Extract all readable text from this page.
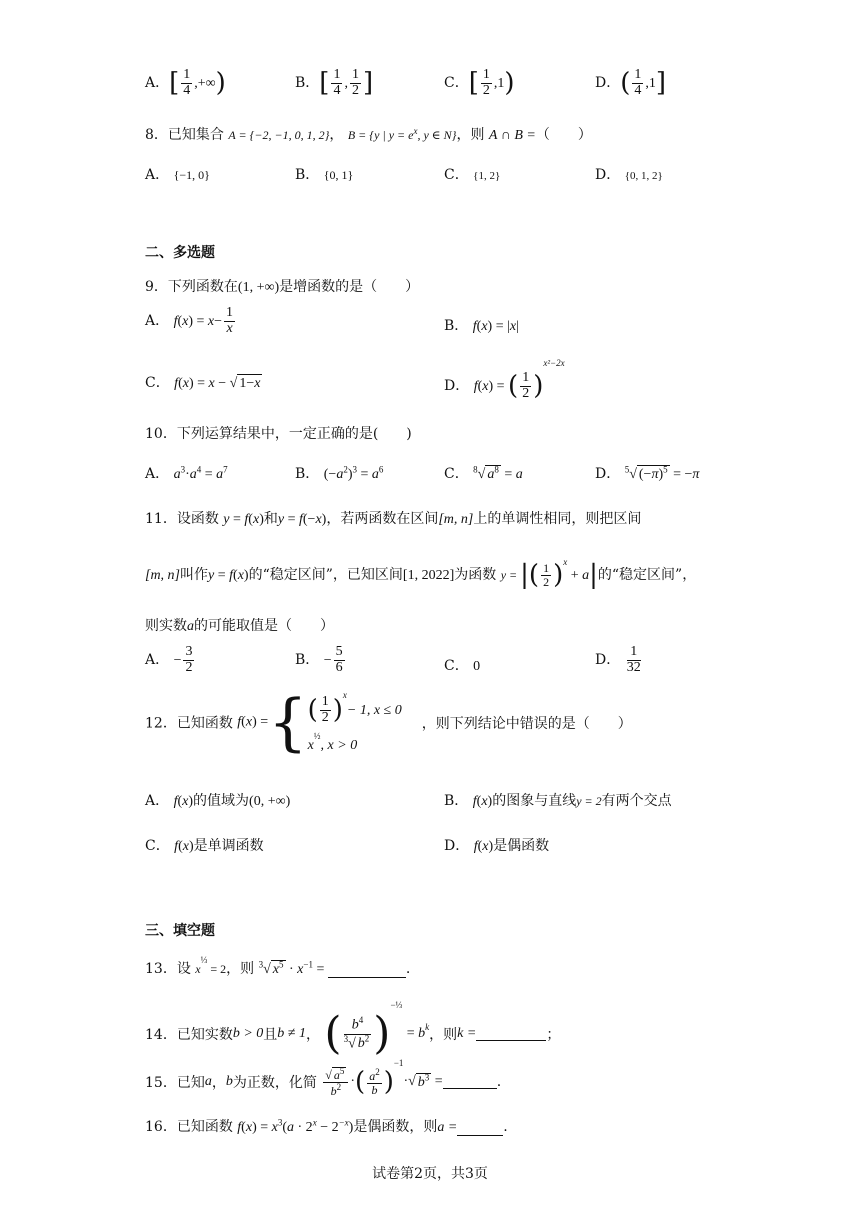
A．[ $\frac{1}{4}$ ,+∞)	B．[ $\frac{1}{4}$ , $\frac{1}{2}$ ]	C．[ $\frac{1}{2} ,1$)	D．( $\frac{1}{4} ,1$]
8．已知集合 A = {−2, −1, 0, 1, 2}， B = {y | $y = e^x$, y ∈ N}，则 A ∩ B =（　　）
A． {−1, 0}	B． {0, 1}	C． {1, 2}	D． {0, 1, 2}
二、多选题
9．下列函数在(1, +∞)是增函数的是（　　）
A． $f(x) = x- \frac{1}{x}$	B． f(x) = |x|
C． f(x) = x − √ 1−x	D． f(x) = ( $\frac{1}{2} )^{x^2-2x}$
10．下列运算结果中，一定正确的是(　　)
A． $a^3\cdot a^4 = a^7$	B． $(-a^2)^3 = a^6$	C． $^8$√ $a^8 = a$	D． $^5$√ $(-\pi)^5 = -\pi$
11．设函数 y = f(x)和y = f(−x)，若两函数在区间[m, n]上的单调性相同，则把区间
[m, n]叫作y = f(x)的“稳定区间”，已知区间[1, 2022]为函数 y = |( $\frac{1}{2} )^x + a|$的“稳定区间”，
则实数a的可能取值是（　　）
A． − $\frac{3}{2}$	B． − $\frac{5}{6}$	C． 0	D． $\frac{1}{32}$
12．已知函数 f(x) ={ ( $\frac{1}{2} )^x- 1$, x ≤ 0
$x^{\frac{1}{2}}$, x > 0
，则下列结论中错误的是（　　）
A． f(x)的值域为(0, +∞)	B． f(x)的图象与直线y = 2有两个交点
C． f(x)是单调函数	D． f(x)是偶函数
三、填空题
13．设 $x^{\frac{1}{3}} = 2$，则 $^3$√ $x^5 \cdot x^{-1}$ =	.
14．已知实数b > 0且b ≠ 1， ( $\frac{b^4}{^3√ b^2} )^{-\frac{1}{3}} = b^k$，则k =	；
15．已知a，b为正数，化简 $\frac{√ a^5}{b^2}$ ·( $\frac{a^2}{b} )^{-1}\cdot√$ $b^3$ =	.
16．已知函数 $f(x) = x^3(a \cdot 2^x - 2^{-x})$是偶函数，则a =	.
试卷第2页，共3页
